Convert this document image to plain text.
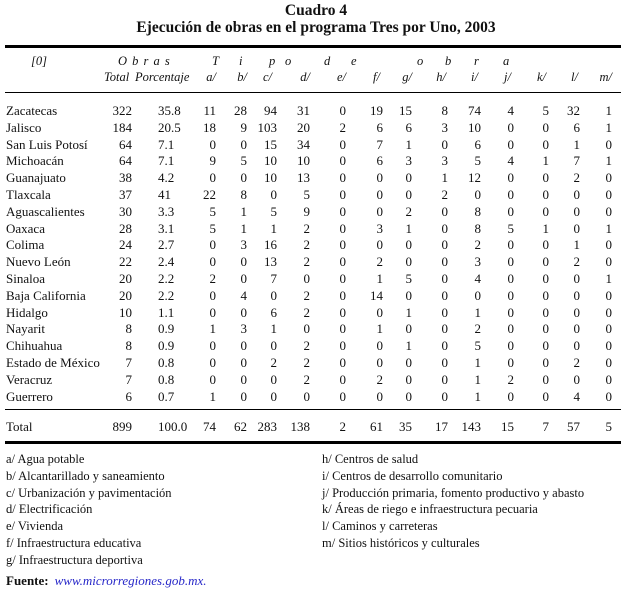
Cuadro 4
Ejecución de obras en el programa Tres por Uno, 2003
[0]	O b r a s	T i p o	d e	o b r a
Total Porcentaje a/ b/ c/ d/ e/ f/ g/ h/ i/ j/ k/ l/ m/
Zacatecas	322 35.8 11 28 94 31 0 19 15 8 74 4 5 32 1
Jalisco	184 20.5 18 9 103 20 2 6 6 3 10 0 0 6 1
San Luis Potosí 64 7.1	0 0 15 34 0 7 1 0 6 0 0 1 0
Michoacán	64 7.1	9 5 10 10 0 6 3 3 5 4 1 7 1
Guanajuato	38 4.2	0 0 10 13 0 0 0 1 12 0 0 2 0
Tlaxcala	37 41 22 8 0 5 0 0 0 2 0 0 0 0 0
Aguascalientes	30 3.3	5 1 5 9 0 0 2 0 8 0 0 0 0
Oaxaca	28 3.1	5 1 1 2 0 3 1 0 8 5 1 0 1
Colima	24 2.7	0 3 16 2 0 0 0 0 2 0 0 1 0
Nuevo León	22 2.4	0 0 13 2 0 2 0 0 3 0 0 2 0
Sinaloa	20 2.2	2 0 7 0 0 1 5 0 4 0 0 0 1
Baja California	20 2.2	0 4 0 2 0 14 0 0 0 0 0 0 0
Hidalgo	10 1.1	0 0 6 2 0 0 1 0 1 0 0 0 0
Nayarit	8 0.9	1 3 1 0 0 1 0 0 2 0 0 0 0
Chihuahua	8 0.9	0 0 0 2 0 0 1 0 5 0 0 0 0
Estado de México 7 0.8	0 0 2 2 0 0 0 0 1 0 0 2 0
Veracruz	7 0.8	0 0 0 2 0 2 0 0 1 2 0 0 0
Guerrero	6 0.7	1 0 0 0 0 0 0 0 1 0 0 4 0
Total	899 100.0 74 62 283 138 2 61 35 17 143 15 7 57 5
a/ Agua potable
b/ Alcantarillado y saneamiento
c/ Urbanización y pavimentación
d/ Electrificación
e/ Vivienda
f/ Infraestructura educativa
g/ Infraestructura deportiva
h/ Centros de salud
i/ Centros de desarrollo comunitario
j/ Producción primaria, fomento productivo y abasto
k/ Áreas de riego e infraestructura pecuaria
l/ Caminos y carreteras
m/ Sitios históricos y culturales
Fuente: www.microrregiones.gob.mx.
